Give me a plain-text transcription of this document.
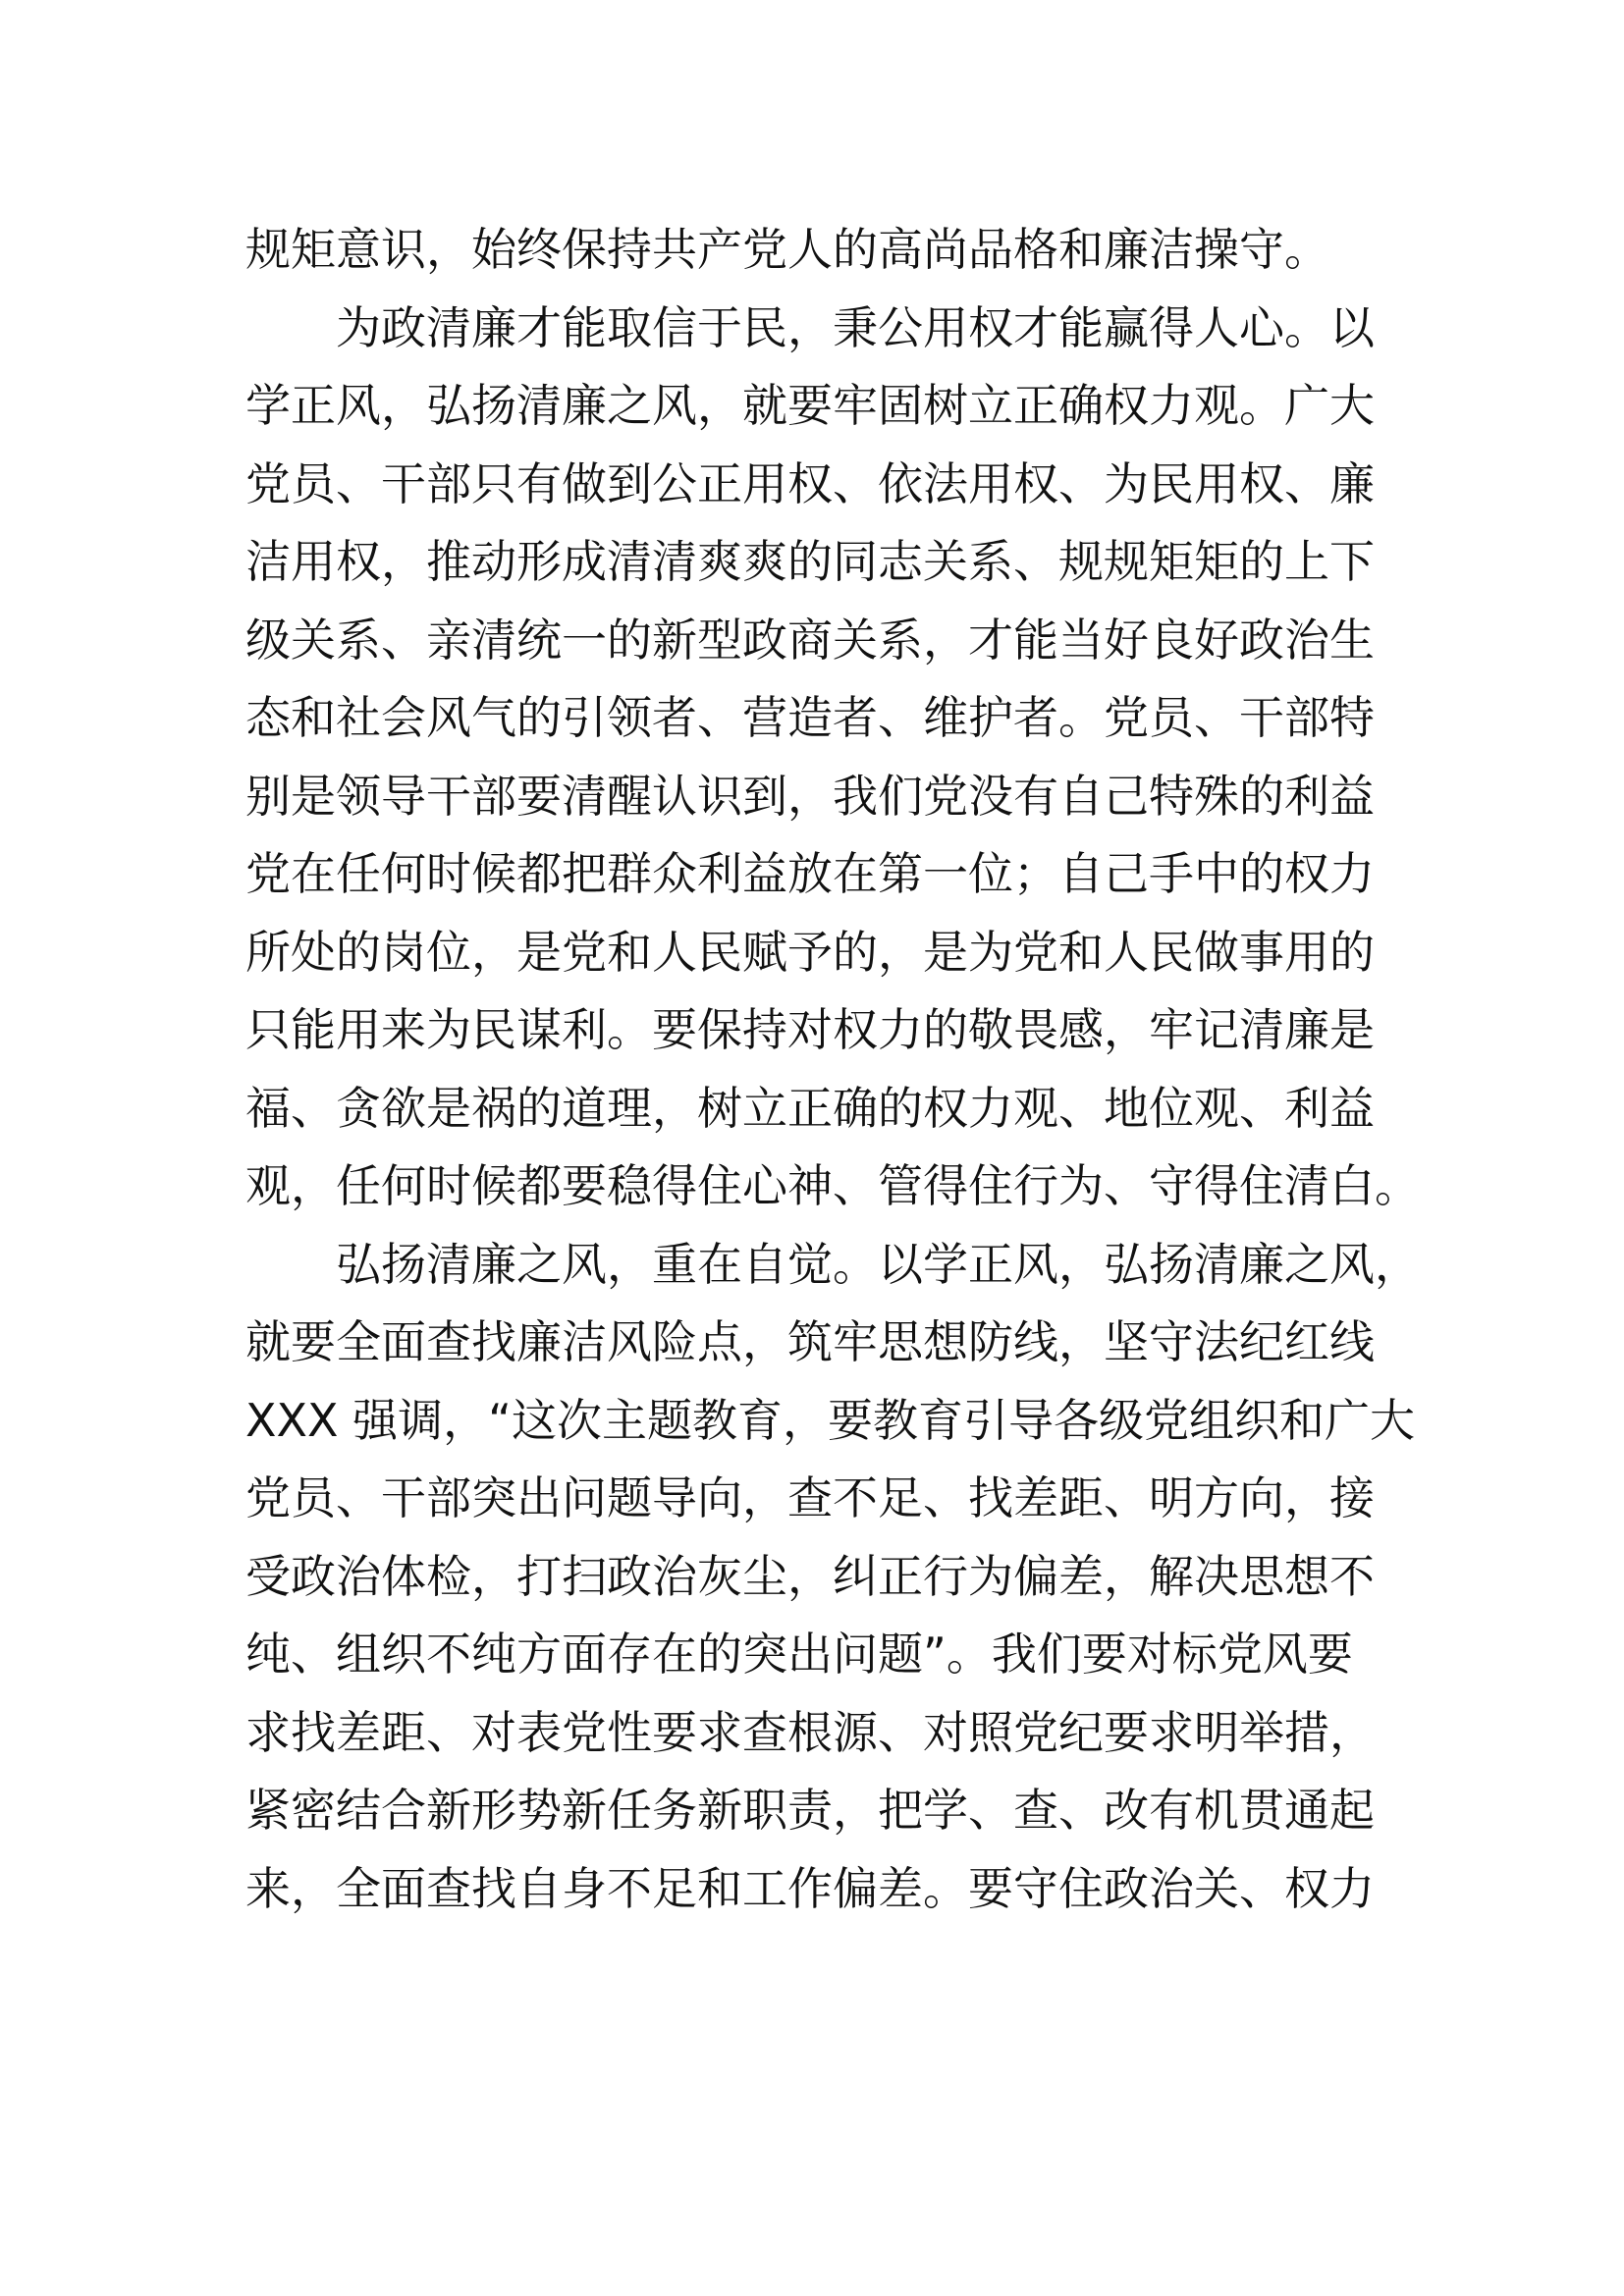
规矩意识，始终保持共产党人的高尚品格和廉洁操守。

为政清廉才能取信于民，秉公用权才能赢得人心。以
学正风，弘扬清廉之风，就要牢固树立正确权力观。广大
党员、干部只有做到公正用权、依法用权、为民用权、廉
洁用权，推动形成清清爽爽的同志关系、规规矩矩的上下
级关系、亲清统一的新型政商关系，才能当好良好政治生
态和社会风气的引领者、营造者、维护者。党员、干部特
别是领导干部要清醒认识到，我们党没有自己特殊的利益
党在任何时候都把群众利益放在第一位；自己手中的权力
所处的岗位，是党和人民赋予的，是为党和人民做事用的
只能用来为民谋利。要保持对权力的敬畏感，牢记清廉是
福、贪欲是祸的道理，树立正确的权力观、地位观、利益
观，任何时候都要稳得住心神、管得住行为、守得住清白。

弘扬清廉之风，重在自觉。以学正风，弘扬清廉之风，
就要全面查找廉洁风险点，筑牢思想防线，坚守法纪红线
XXX 强调，“这次主题教育，要教育引导各级党组织和广大
党员、干部突出问题导向，查不足、找差距、明方向，接
受政治体检，打扫政治灰尘，纠正行为偏差，解决思想不
纯、组织不纯方面存在的突出问题”。我们要对标党风要
求找差距、对表党性要求查根源、对照党纪要求明举措，
紧密结合新形势新任务新职责，把学、查、改有机贯通起
来，全面查找自身不足和工作偏差。要守住政治关、权力
